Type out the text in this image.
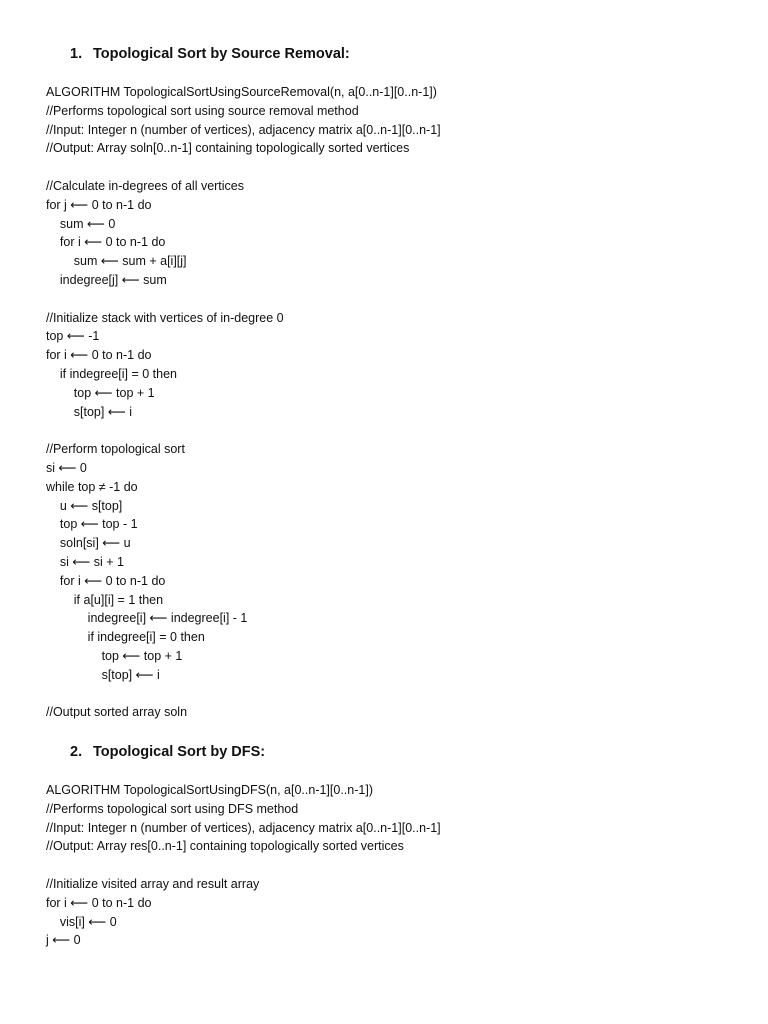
1. Topological Sort by Source Removal:
ALGORITHM TopologicalSortUsingSourceRemoval(n, a[0..n-1][0..n-1])
//Performs topological sort using source removal method
//Input: Integer n (number of vertices), adjacency matrix a[0..n-1][0..n-1]
//Output: Array soln[0..n-1] containing topologically sorted vertices
//Calculate in-degrees of all vertices
for j ⟵ 0 to n-1 do
sum ⟵ 0
for i ⟵ 0 to n-1 do
sum ⟵ sum + a[i][j]
indegree[j] ⟵ sum
//Initialize stack with vertices of in-degree 0
top ⟵ -1
for i ⟵ 0 to n-1 do
if indegree[i] = 0 then
top ⟵ top + 1
s[top] ⟵ i
//Perform topological sort
si ⟵ 0
while top ≠ -1 do
u ⟵ s[top]
top ⟵ top - 1
soln[si] ⟵ u
si ⟵ si + 1
for i ⟵ 0 to n-1 do
if a[u][i] = 1 then
indegree[i] ⟵ indegree[i] - 1
if indegree[i] = 0 then
top ⟵ top + 1
s[top] ⟵ i
//Output sorted array soln
2. Topological Sort by DFS:
ALGORITHM TopologicalSortUsingDFS(n, a[0..n-1][0..n-1])
//Performs topological sort using DFS method
//Input: Integer n (number of vertices), adjacency matrix a[0..n-1][0..n-1]
//Output: Array res[0..n-1] containing topologically sorted vertices
//Initialize visited array and result array
for i ⟵ 0 to n-1 do
vis[i] ⟵ 0
j ⟵ 0
